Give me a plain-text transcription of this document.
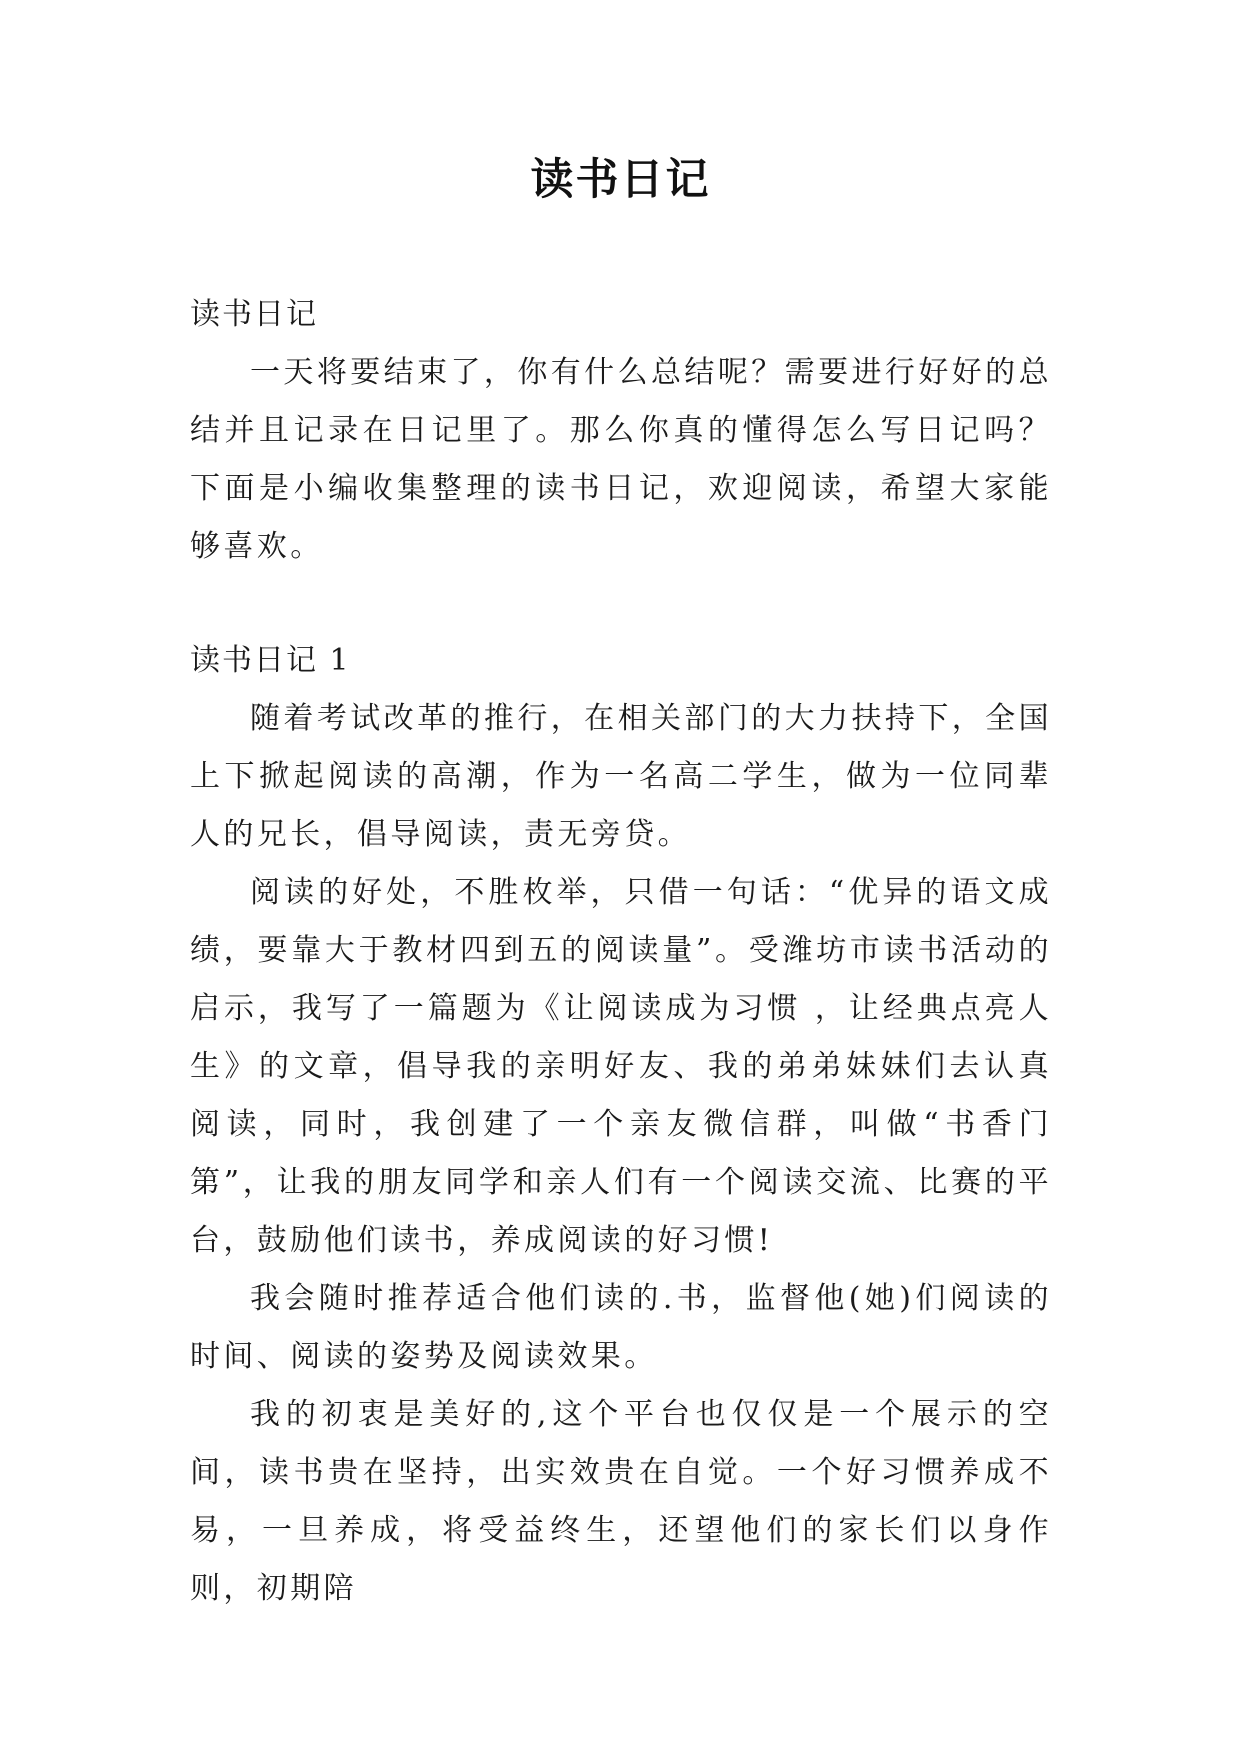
读书日记

读书日记

一天将要结束了，你有什么总结呢？需要进行好好的总结并且记录在日记里了。那么你真的懂得怎么写日记吗？下面是小编收集整理的读书日记，欢迎阅读，希望大家能够喜欢。

读书日记 1

随着考试改革的推行，在相关部门的大力扶持下，全国上下掀起阅读的高潮，作为一名高二学生，做为一位同辈人的兄长，倡导阅读，责无旁贷。

阅读的好处，不胜枚举，只借一句话：“优异的语文成绩，要靠大于教材四到五的阅读量”。受潍坊市读书活动的启示，我写了一篇题为《让阅读成为习惯 ，让经典点亮人生》的文章，倡导我的亲明好友、我的弟弟妹妹们去认真阅读，同时，我创建了一个亲友微信群，叫做“书香门第”，让我的朋友同学和亲人们有一个阅读交流、比赛的平台，鼓励他们读书，养成阅读的好习惯!

我会随时推荐适合他们读的.书，监督他(她)们阅读的时间、阅读的姿势及阅读效果。

我的初衷是美好的,这个平台也仅仅是一个展示的空间，读书贵在坚持，出实效贵在自觉。一个好习惯养成不易，一旦养成，将受益终生，还望他们的家长们以身作则，初期陪
